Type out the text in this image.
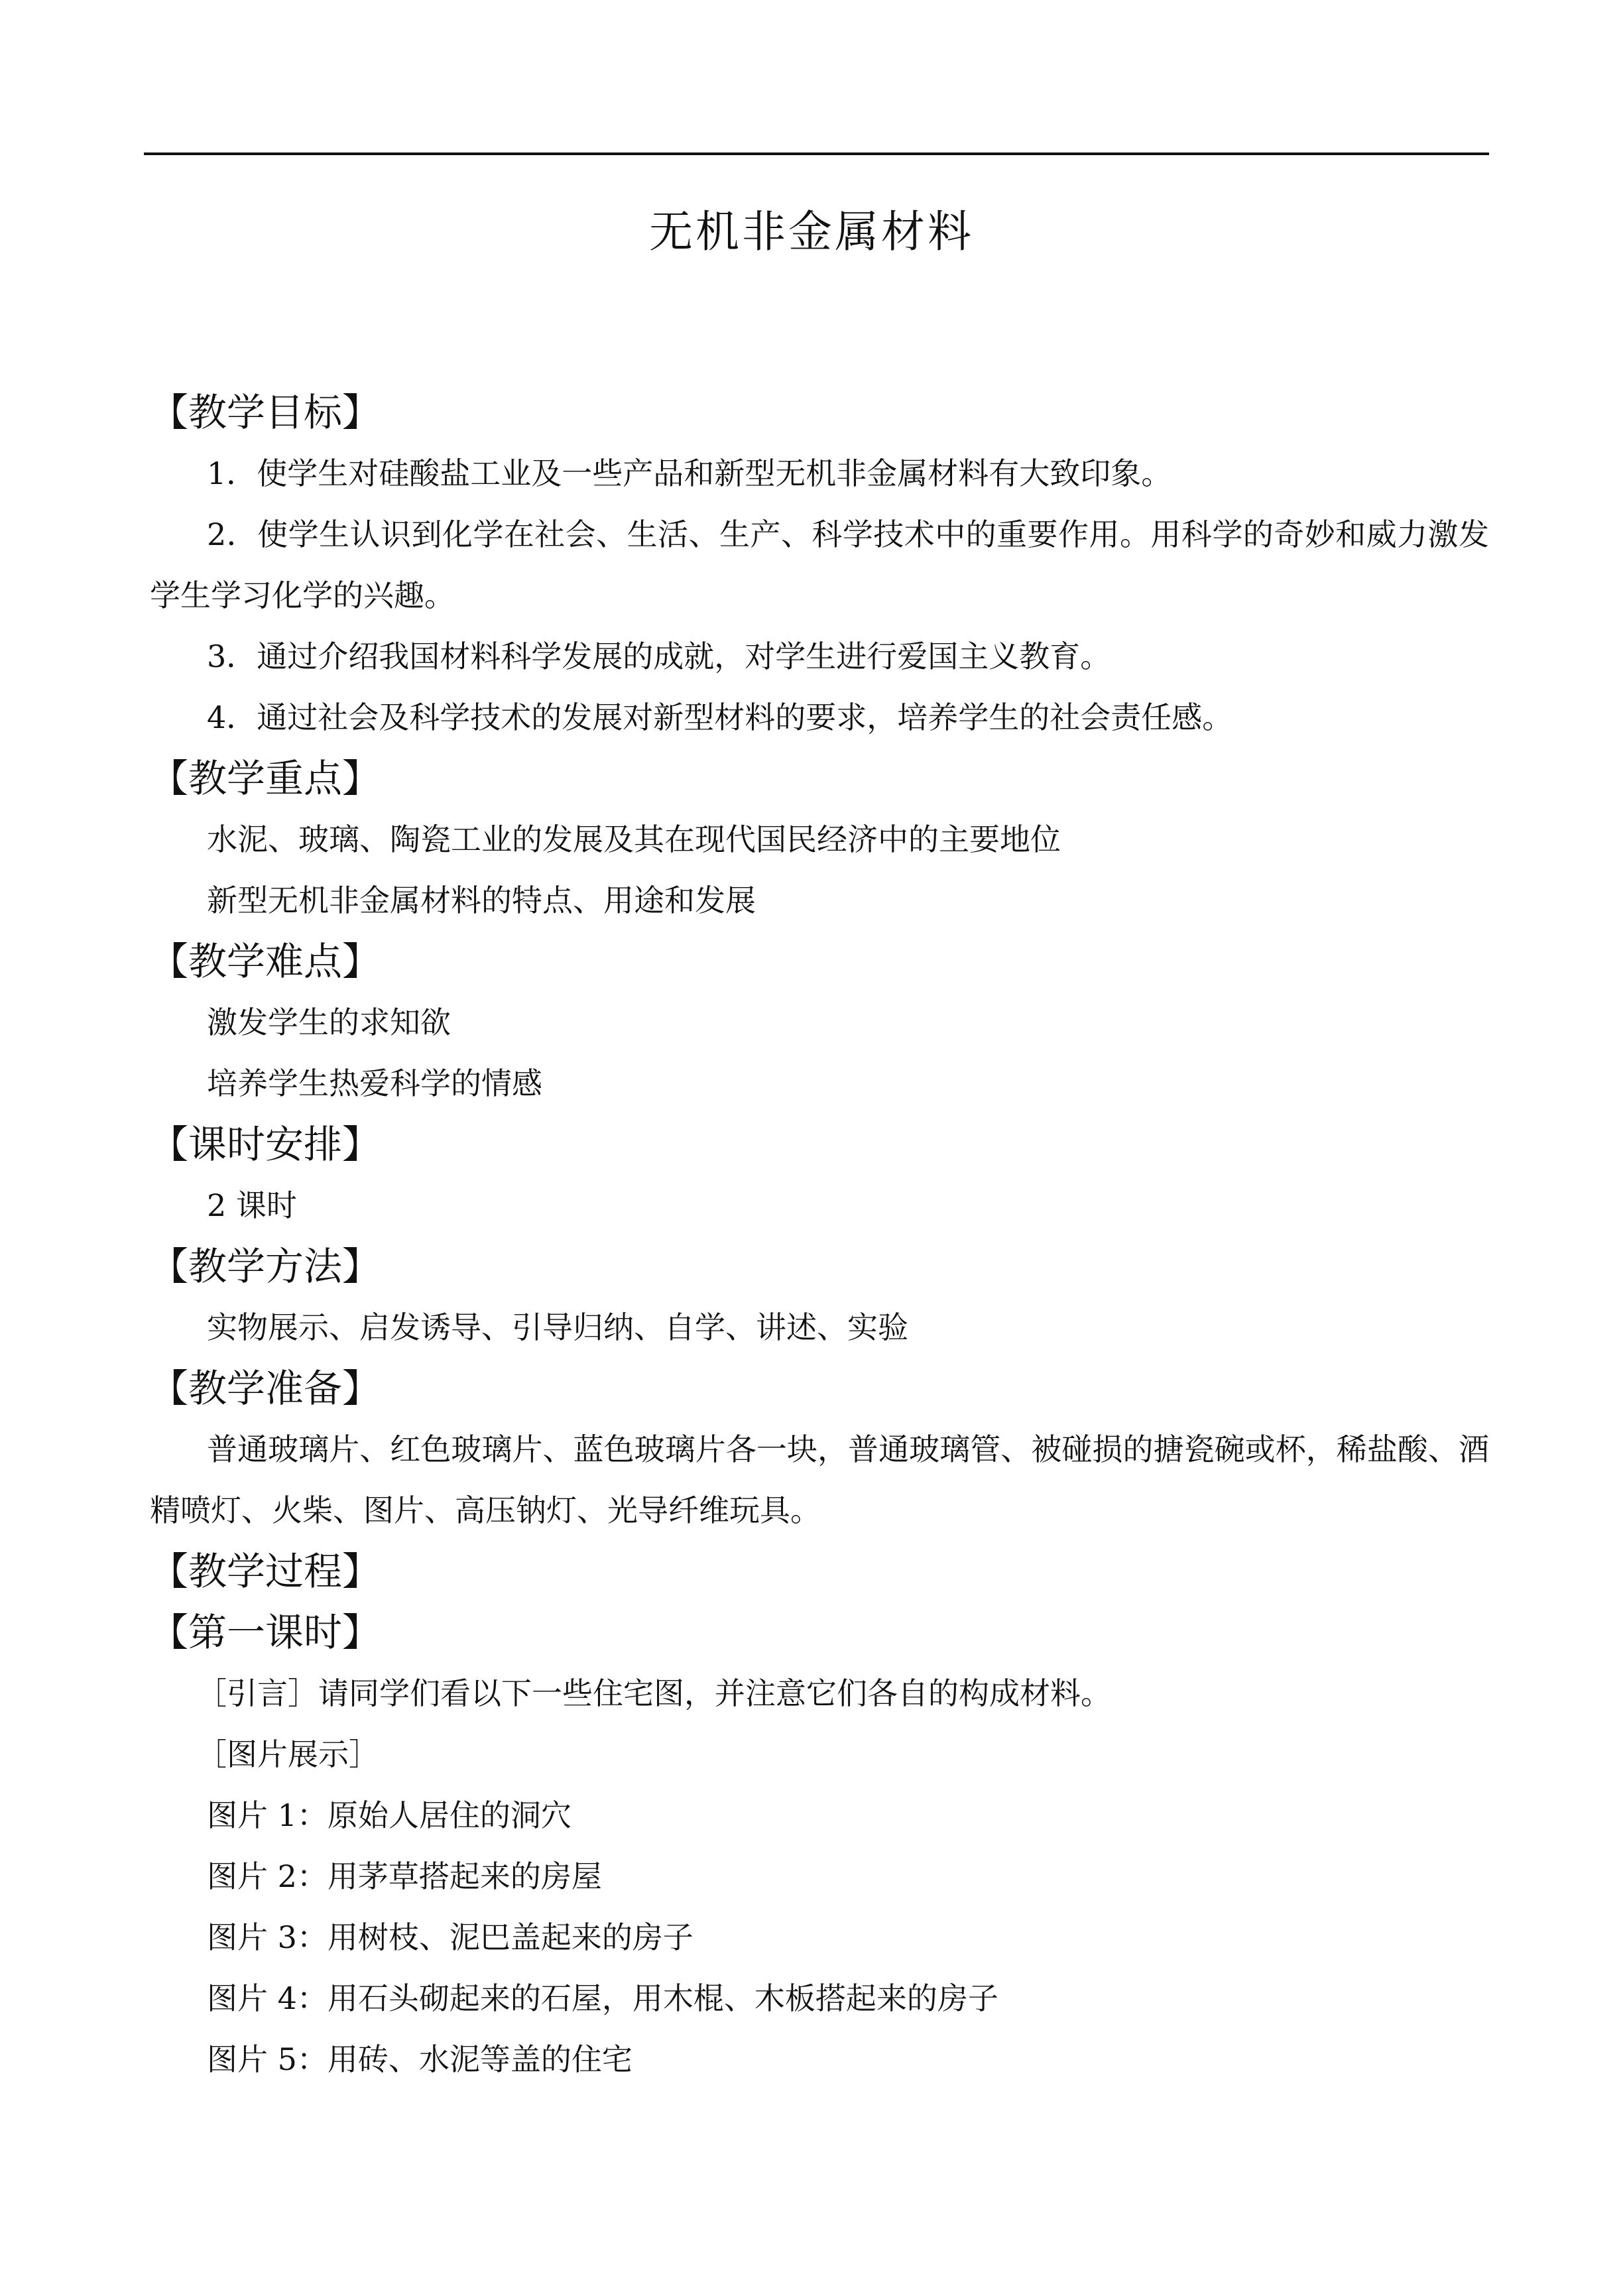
无机非金属材料
【教学目标】
1．使学生对硅酸盐工业及一些产品和新型无机非金属材料有大致印象。
2．使学生认识到化学在社会、生活、生产、科学技术中的重要作用。用科学的奇妙和威力激发学生学习化学的兴趣。
3．通过介绍我国材料科学发展的成就，对学生进行爱国主义教育。
4．通过社会及科学技术的发展对新型材料的要求，培养学生的社会责任感。
【教学重点】
水泥、玻璃、陶瓷工业的发展及其在现代国民经济中的主要地位
新型无机非金属材料的特点、用途和发展
【教学难点】
激发学生的求知欲
培养学生热爱科学的情感
【课时安排】
2 课时
【教学方法】
实物展示、启发诱导、引导归纳、自学、讲述、实验
【教学准备】
普通玻璃片、红色玻璃片、蓝色玻璃片各一块，普通玻璃管、被碰损的搪瓷碗或杯，稀盐酸、酒精喷灯、火柴、图片、高压钠灯、光导纤维玩具。
【教学过程】
【第一课时】
［引言］请同学们看以下一些住宅图，并注意它们各自的构成材料。
［图片展示］
图片 1：原始人居住的洞穴
图片 2：用茅草搭起来的房屋
图片 3：用树枝、泥巴盖起来的房子
图片 4：用石头砌起来的石屋，用木棍、木板搭起来的房子
图片 5：用砖、水泥等盖的住宅
